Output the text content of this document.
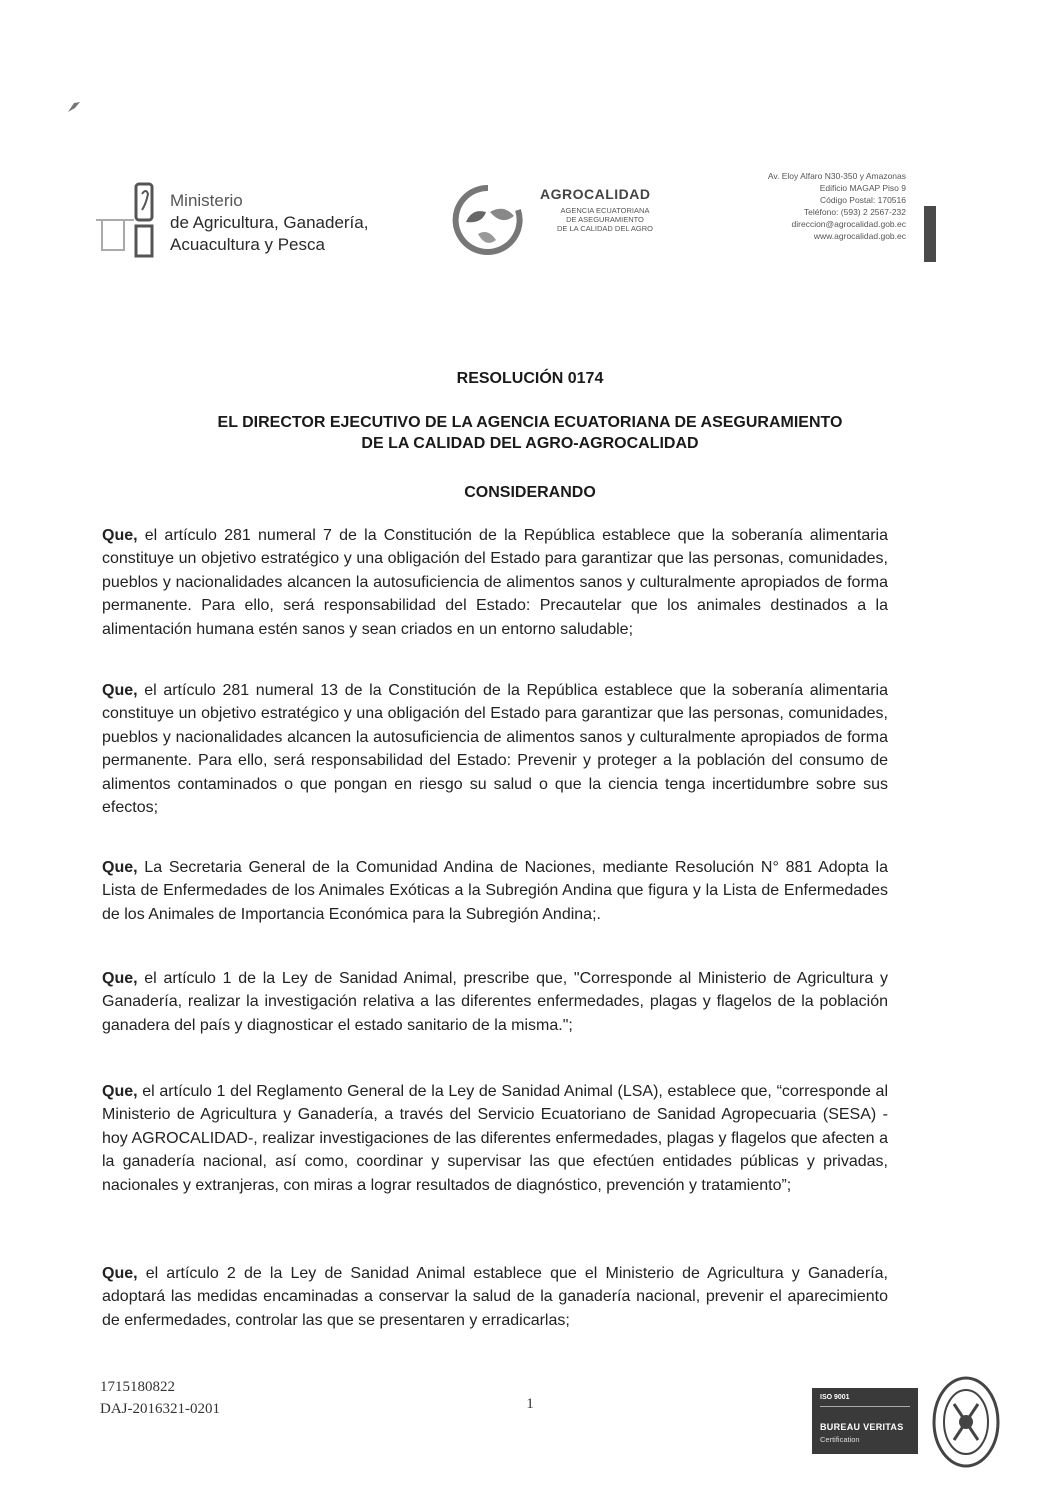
Ministerio
de Agricultura, Ganadería,
Acuacultura y Pesca
AGROCALIDAD
AGENCIA ECUATORIANA
DE ASEGURAMIENTO
DE LA CALIDAD DEL AGRO
Av. Eloy Alfaro N30-350 y Amazonas
Edificio MAGAP Piso 9
Código Postal: 170516
Teléfono: (593) 2 2567-232
direccion@agrocalidad.gob.ec
www.agrocalidad.gob.ec
RESOLUCIÓN 0174
EL DIRECTOR EJECUTIVO DE LA AGENCIA ECUATORIANA DE ASEGURAMIENTO
DE LA CALIDAD DEL AGRO-AGROCALIDAD
CONSIDERANDO

Que, el artículo 281 numeral 7 de la Constitución de la República establece que la soberanía alimentaria constituye un objetivo estratégico y una obligación del Estado para garantizar que las personas, comunidades, pueblos y nacionalidades alcancen la autosuficiencia de alimentos sanos y culturalmente apropiados de forma permanente. Para ello, será responsabilidad del Estado: Precautelar que los animales destinados a la alimentación humana estén sanos y sean criados en un entorno saludable;

Que, el artículo 281 numeral 13 de la Constitución de la República establece que la soberanía alimentaria constituye un objetivo estratégico y una obligación del Estado para garantizar que las personas, comunidades, pueblos y nacionalidades alcancen la autosuficiencia de alimentos sanos y culturalmente apropiados de forma permanente. Para ello, será responsabilidad del Estado: Prevenir y proteger a la población del consumo de alimentos contaminados o que pongan en riesgo su salud o que la ciencia tenga incertidumbre sobre sus efectos;

Que, La Secretaria General de la Comunidad Andina de Naciones, mediante Resolución N° 881 Adopta la Lista de Enfermedades de los Animales Exóticas a la Subregión Andina que figura y la Lista de Enfermedades de los Animales de Importancia Económica para la Subregión Andina;.

Que, el artículo 1 de la Ley de Sanidad Animal, prescribe que, "Corresponde al Ministerio de Agricultura y Ganadería, realizar la investigación relativa a las diferentes enfermedades, plagas y flagelos de la población ganadera del país y diagnosticar el estado sanitario de la misma.";

Que, el artículo 1 del Reglamento General de la Ley de Sanidad Animal (LSA), establece que, “corresponde al Ministerio de Agricultura y Ganadería, a través del Servicio Ecuatoriano de Sanidad Agropecuaria (SESA) - hoy AGROCALIDAD-, realizar investigaciones de las diferentes enfermedades, plagas y flagelos que afecten a la ganadería nacional, así como, coordinar y supervisar las que efectúen entidades públicas y privadas, nacionales y extranjeras, con miras a lograr resultados de diagnóstico, prevención y tratamiento”;

Que, el artículo 2 de la Ley de Sanidad Animal establece que el Ministerio de Agricultura y Ganadería, adoptará las medidas encaminadas a conservar la salud de la ganadería nacional, prevenir el aparecimiento de enfermedades, controlar las que se presentaren y erradicarlas;

1715180822
DAJ-2016321-0201	1	ISO 9001
BUREAU VERITAS
Certification
